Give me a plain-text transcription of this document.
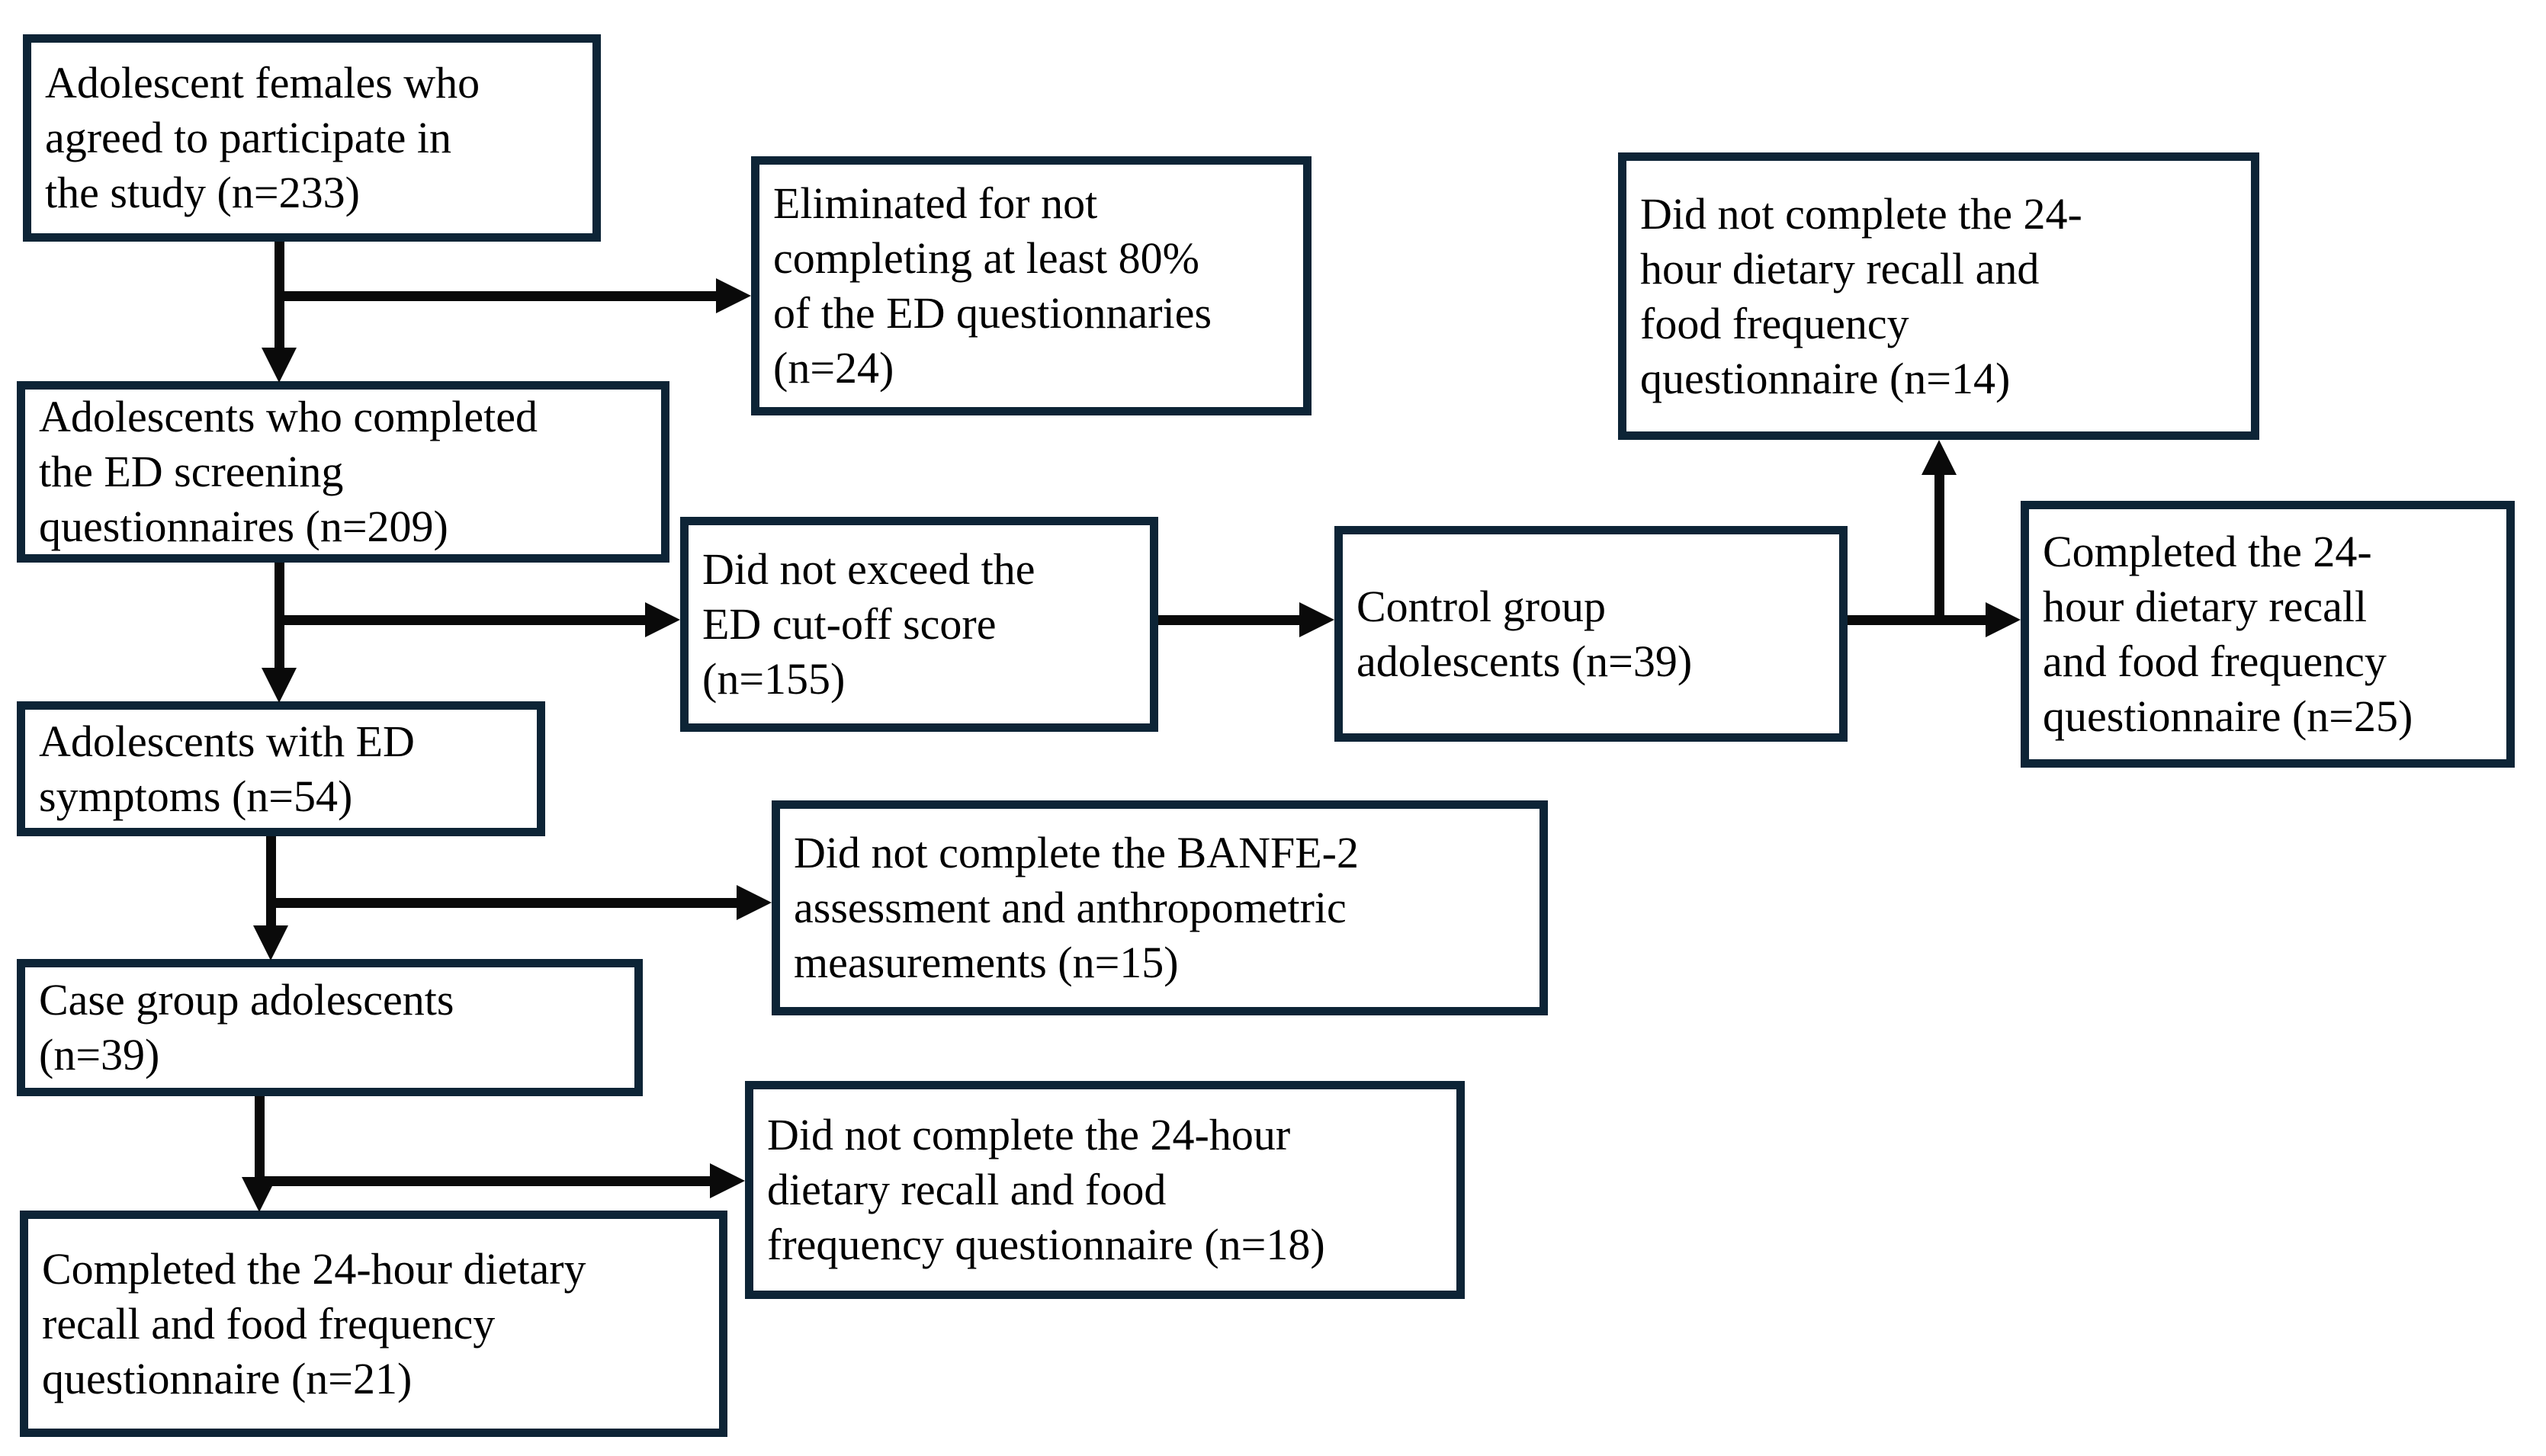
Adolescent females who
agreed to participate in
the study (n=233)	Eliminated for not
completing at least 80%
of the ED questionnaries
(n=24)
Did not complete the 24-
hour dietary recall and
food frequency
questionnaire (n=14)
Adolescents who completed
the ED screening
questionnaires (n=209)
Did not exceed the
ED cut-off score
(n=155)
Control group
adolescents (n=39)
Completed the 24-
hour dietary recall
and food frequency
questionnaire (n=25)
Adolescents with ED
symptoms (n=54)
Did not complete the BANFE-2
assessment and anthropometric
measurements (n=15)
Case group adolescents
(n=39)
Did not complete the 24-hour
dietary recall and food
frequency questionnaire (n=18)
Completed the 24-hour dietary
recall and food frequency
questionnaire (n=21)
